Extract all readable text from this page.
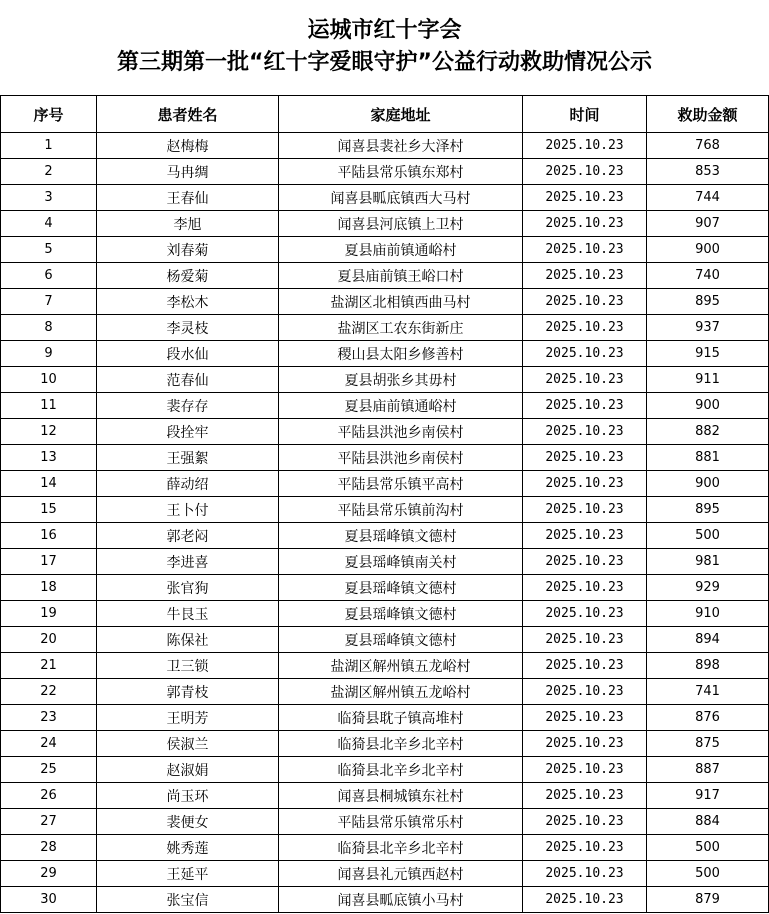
运城市红十字会
第三期第一批“红十字爱眼守护”公益行动救助情况公示
序号	患者姓名	家庭地址	时间	救助金额
1	赵梅梅	闻喜县裴社乡大泽村	2025.10.23	768
2	马冉绸	平陆县常乐镇东郑村	2025.10.23	853
3	王春仙	闻喜县畖底镇西大马村	2025.10.23	744
4	李旭	闻喜县河底镇上卫村	2025.10.23	907
5	刘春菊	夏县庙前镇通峪村	2025.10.23	900
6	杨爱菊	夏县庙前镇王峪口村	2025.10.23	740
7	李松木	盐湖区北相镇西曲马村	2025.10.23	895
8	李灵枝	盐湖区工农东街新庄	2025.10.23	937
9	段水仙	稷山县太阳乡修善村	2025.10.23	915
10	范春仙	夏县胡张乡其毋村	2025.10.23	911
11	裴存存	夏县庙前镇通峪村	2025.10.23	900
12	段拴牢	平陆县洪池乡南侯村	2025.10.23	882
13	王强絮	平陆县洪池乡南侯村	2025.10.23	881
14	薛动绍	平陆县常乐镇平高村	2025.10.23	900
15	王卜付	平陆县常乐镇前沟村	2025.10.23	895
16	郭老闷	夏县瑶峰镇文德村	2025.10.23	500
17	李进喜	夏县瑶峰镇南关村	2025.10.23	981
18	张官狗	夏县瑶峰镇文德村	2025.10.23	929
19	牛艮玉	夏县瑶峰镇文德村	2025.10.23	910
20	陈保社	夏县瑶峰镇文德村	2025.10.23	894
21	卫三锁	盐湖区解州镇五龙峪村	2025.10.23	898
22	郭青枝	盐湖区解州镇五龙峪村	2025.10.23	741
23	王明芳	临猗县耽子镇高堆村	2025.10.23	876
24	侯淑兰	临猗县北辛乡北辛村	2025.10.23	875
25	赵淑娟	临猗县北辛乡北辛村	2025.10.23	887
26	尚玉环	闻喜县桐城镇东社村	2025.10.23	917
27	裴便女	平陆县常乐镇常乐村	2025.10.23	884
28	姚秀莲	临猗县北辛乡北辛村	2025.10.23	500
29	王延平	闻喜县礼元镇西赵村	2025.10.23	500
30	张宝信	闻喜县畖底镇小马村	2025.10.23	879
